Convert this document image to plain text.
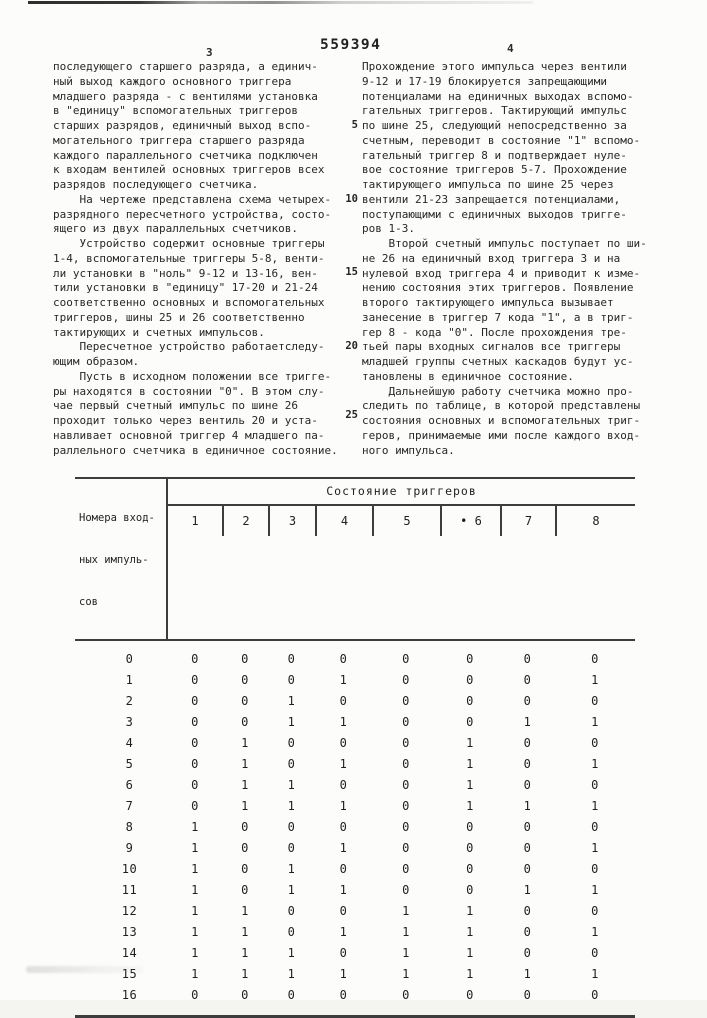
3	559394	4
последующего старшего разряда, а единич-
ный выход каждого основного триггера
младшего разряда - с вентилями установка
в "единицу" вспомогательных триггеров
старших разрядов, единичный выход вспо-
могательного триггера старшего разряда
каждого параллельного счетчика подключен
к входам вентилей основных триггеров всех
разрядов последующего счетчика.
На чертеже представлена схема четырех-
разрядного пересчетного устройства, состо-
ящего из двух параллельных счетчиков.
Устройство содержит основные триггеры
1-4, вспомогательные триггеры 5-8, венти-
ли установки в "ноль" 9-12 и 13-16, вен-
тили установки в "единицу" 17-20 и 21-24
соответственно основных и вспомогательных
триггеров, шины 25 и 26 соответственно
тактирующих и счетных импульсов.
Пересчетное устройство работаетследу-
ющим образом.
Пусть в исходном положении все тригге-
ры находятся в состоянии "0". В этом слу-
чае первый счетный импульс по шине 26
проходит только через вентиль 20 и уста-
навливает основной триггер 4 младшего па-
раллельного счетчика в единичное состояние.
5
10
15
20
25
Прохождение этого импульса через вентили
9-12 и 17-19 блокируется запрещающими
потенциалами на единичных выходах вспомо-
гательных триггеров. Тактирующий импульс
по шине 25, следующий непосредственно за
счетным, переводит в состояние "1" вспомо-
гательный триггер 8 и подтверждает нуле-
вое состояние триггеров 5-7. Прохождение
тактирующего импульса по шине 25 через
вентили 21-23 запрещается потенциалами,
поступающими с единичных выходов тригге-
ров 1-3.
Второй счетный импульс поступает по ши-
не 26 на единичный вход триггера 3 и на
нулевой вход триггера 4 и приводит к изме-
нению состояния этих триггеров. Появление
второго тактирующего импульса вызывает
занесение в триггер 7 кода "1", а в триг-
гер 8 - кода "0". После прохождения тре-
тьей пары входных сигналов все триггеры
младшей группы счетных каскадов будут ус-
тановлены в единичное состояние.
Дальнейшую работу счетчика можно про-
следить по таблице, в которой представлены
состояния основных и вспомогательных триг-
геров, принимаемые ими после каждого вход-
ного импульса.

Номера вход-

ных импуль-

сов

Состояние триггеров
1	2	3	4	5	• 6	7	8
0	0	0	0	0	0	0	0	0
1	0	0	0	1	0	0	0	1
2	0	0	1	0	0	0	0	0
3	0	0	1	1	0	0	1	1
4	0	1	0	0	0	1	0	0
5	0	1	0	1	0	1	0	1
6	0	1	1	0	0	1	0	0
7	0	1	1	1	0	1	1	1
8	1	0	0	0	0	0	0	0
9	1	0	0	1	0	0	0	1
10	1	0	1	0	0	0	0	0
11	1	0	1	1	0	0	1	1
12	1	1	0	0	1	1	0	0
13	1	1	0	1	1	1	0	1
14	1	1	1	0	1	1	0	0
15	1	1	1	1	1	1	1	1
16	0	0	0	0	0	0	0	0
